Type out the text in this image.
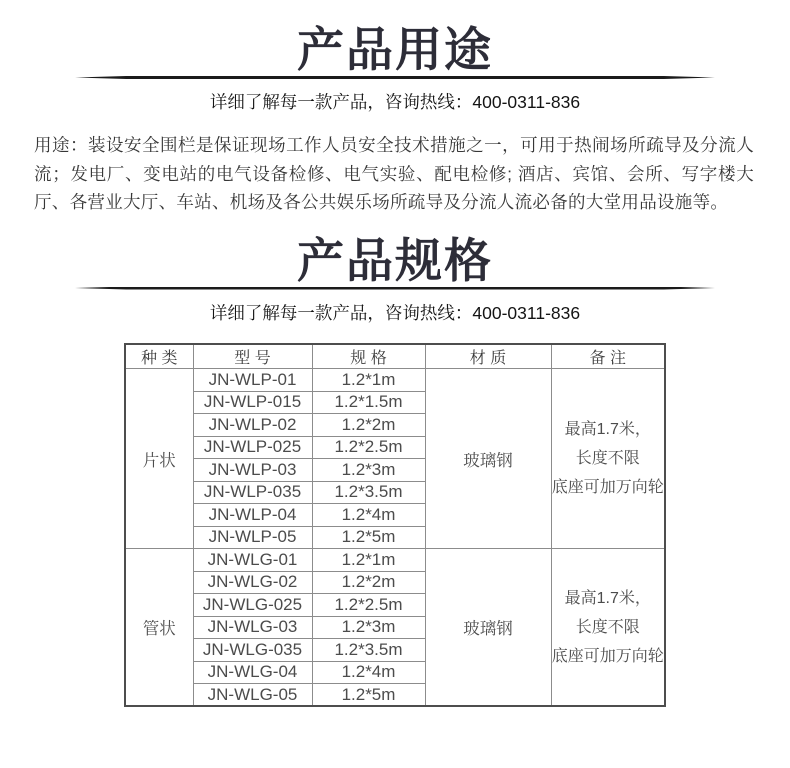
产品用途
详细了解每一款产品，咨询热线：400-0311-836

用途：装设安全围栏是保证现场工作人员安全技术措施之一，可用于热闹场所疏导及分流人流；发电厂、变电站的电气设备检修、电气实验、配电检修; 酒店、宾馆、会所、写字楼大厅、各营业大厅、车站、机场及各公共娱乐场所疏导及分流人流必备的大堂用品设施等。

产品规格
详细了解每一款产品，咨询热线：400-0311-836
种 类	型 号	规 格	材 质	备 注
片状	JN-WLP-01	1.2*1m	玻璃钢	最高1.7米，
长度不限
底座可加万向轮

	JN-WLP-015	1.2*1.5m		
	JN-WLP-02	1.2*2m		
	JN-WLP-025	1.2*2.5m		
	JN-WLP-03	1.2*3m		
	JN-WLP-035	1.2*3.5m		
	JN-WLP-04	1.2*4m		
	JN-WLP-05	1.2*5m		
管状	JN-WLG-01	1.2*1m	玻璃钢	最高1.7米，
长度不限
底座可加万向轮

	JN-WLG-02	1.2*2m		
	JN-WLG-025	1.2*2.5m		
	JN-WLG-03	1.2*3m		
	JN-WLG-035	1.2*3.5m		
	JN-WLG-04	1.2*4m		
	JN-WLG-05	1.2*5m		
